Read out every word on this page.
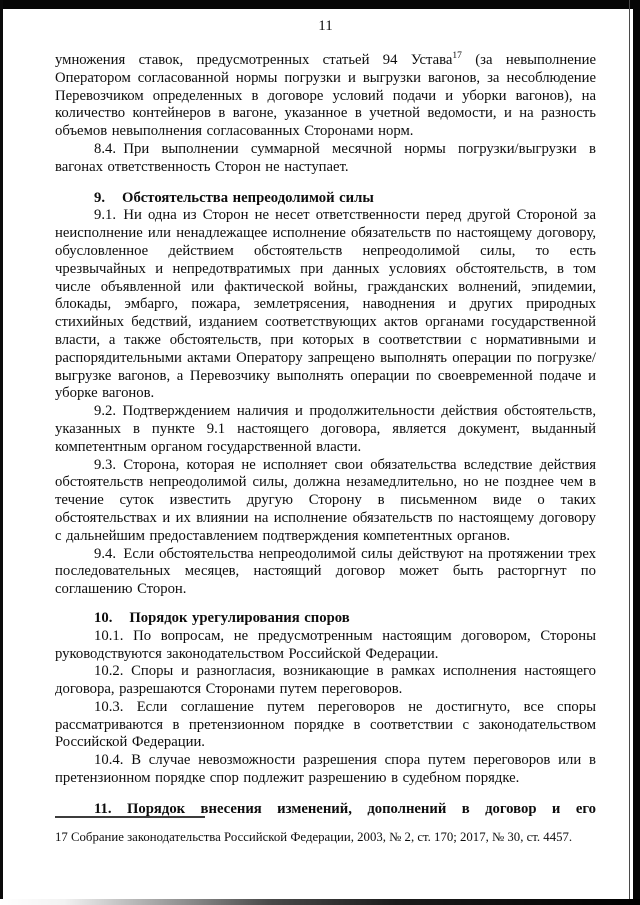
11

умножения ставок, предусмотренных статьей 94 Устава$^{17}$ (за невыполнение Оператором согласованной нормы погрузки и выгрузки вагонов, за несоблюдение Перевозчиком определенных в договоре условий подачи и уборки вагонов), на количество контейнеров в вагоне, указанное в учетной ведомости, и на разность объемов невыполнения согласованных Сторонами норм.

8.4. При выполнении суммарной месячной нормы погрузки/выгрузки в вагонах ответственность Сторон не наступает.

9. Обстоятельства непреодолимой силы

9.1. Ни одна из Сторон не несет ответственности перед другой Стороной за неисполнение или ненадлежащее исполнение обязательств по настоящему договору, обусловленное действием обстоятельств непреодолимой силы, то есть чрезвычайных и непредотвратимых при данных условиях обстоятельств, в том числе объявленной или фактической войны, гражданских волнений, эпидемии, блокады, эмбарго, пожара, землетрясения, наводнения и других природных стихийных бедствий, изданием соответствующих актов органами государственной власти, а также обстоятельств, при которых в соответствии с нормативными и распорядительными актами Оператору запрещено выполнять операции по погрузке/выгрузке вагонов, а Перевозчику выполнять операции по своевременной подаче и уборке вагонов.

9.2. Подтверждением наличия и продолжительности действия обстоятельств, указанных в пункте 9.1 настоящего договора, является документ, выданный компетентным органом государственной власти.

9.3. Сторона, которая не исполняет свои обязательства вследствие действия обстоятельств непреодолимой силы, должна незамедлительно, но не позднее чем в течение суток известить другую Сторону в письменном виде о таких обстоятельствах и их влиянии на исполнение обязательств по настоящему договору с дальнейшим предоставлением подтверждения компетентных органов.

9.4. Если обстоятельства непреодолимой силы действуют на протяжении трех последовательных месяцев, настоящий договор может быть расторгнут по соглашению Сторон.

10. Порядок урегулирования споров

10.1. По вопросам, не предусмотренным настоящим договором, Стороны руководствуются законодательством Российской Федерации.

10.2. Споры и разногласия, возникающие в рамках исполнения настоящего договора, разрешаются Сторонами путем переговоров.

10.3. Если соглашение путем переговоров не достигнуто, все споры рассматриваются в претензионном порядке в соответствии с законодательством Российской Федерации.

10.4. В случае невозможности разрешения спора путем переговоров или в претензионном порядке спор подлежит разрешению в судебном порядке.

11. Порядок внесения изменений, дополнений в договор и его

17 Собрание законодательства Российской Федерации, 2003, № 2, ст. 170; 2017, № 30, ст. 4457.
